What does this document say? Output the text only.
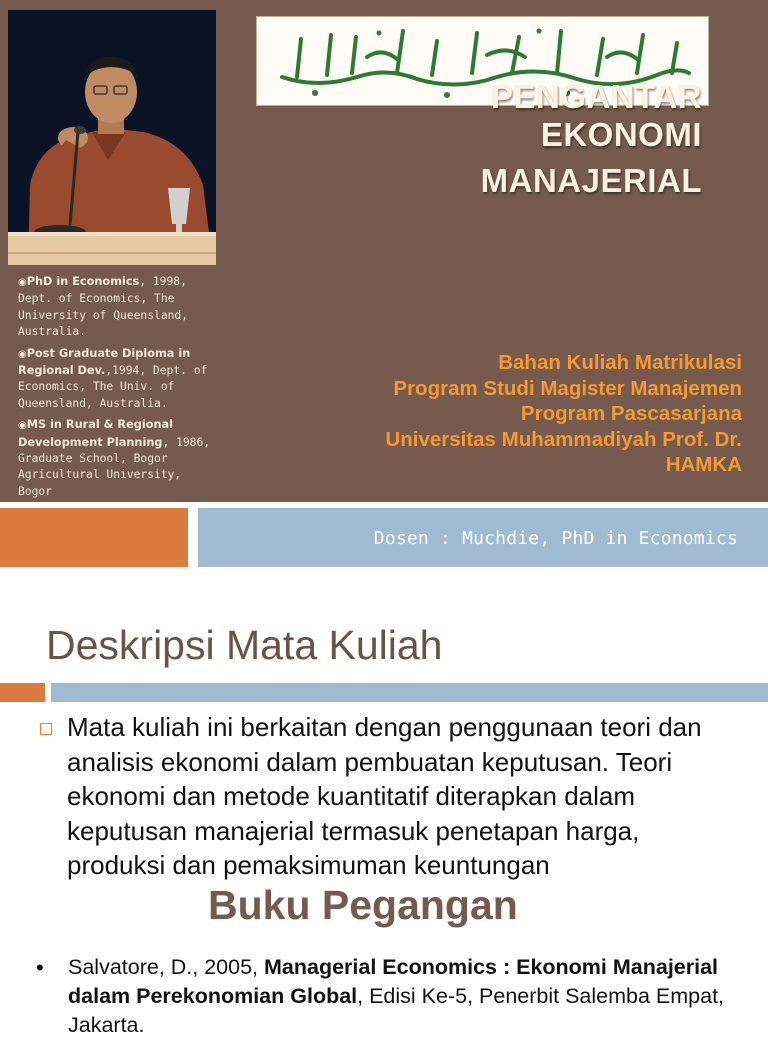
PENGANTAR
EKONOMI
MANAJERIAL
◉PhD in Economics, 1998, Dept. of Economics, The University of Queensland, Australia.
◉Post Graduate Diploma in Regional Dev.,1994, Dept. of Economics, The Univ. of Queensland, Australia.
◉MS in Rural & Regional Development Planning, 1986, Graduate School, Bogor Agricultural University, Bogor
Bahan Kuliah Matrikulasi
Program Studi Magister Manajemen
Program Pascasarjana
Universitas Muhammadiyah Prof. Dr.
HAMKA
Dosen : Muchdie, PhD in Economics
Deskripsi Mata Kuliah
Mata kuliah ini berkaitan dengan penggunaan teori dan analisis ekonomi dalam pembuatan keputusan. Teori ekonomi dan metode kuantitatif diterapkan dalam keputusan manajerial termasuk penetapan harga, produksi dan pemaksimuman keuntungan
Buku Pegangan
•	Salvatore, D., 2005, Managerial Economics : Ekonomi Manajerial dalam Perekonomian Global, Edisi Ke-5, Penerbit Salemba Empat, Jakarta.
